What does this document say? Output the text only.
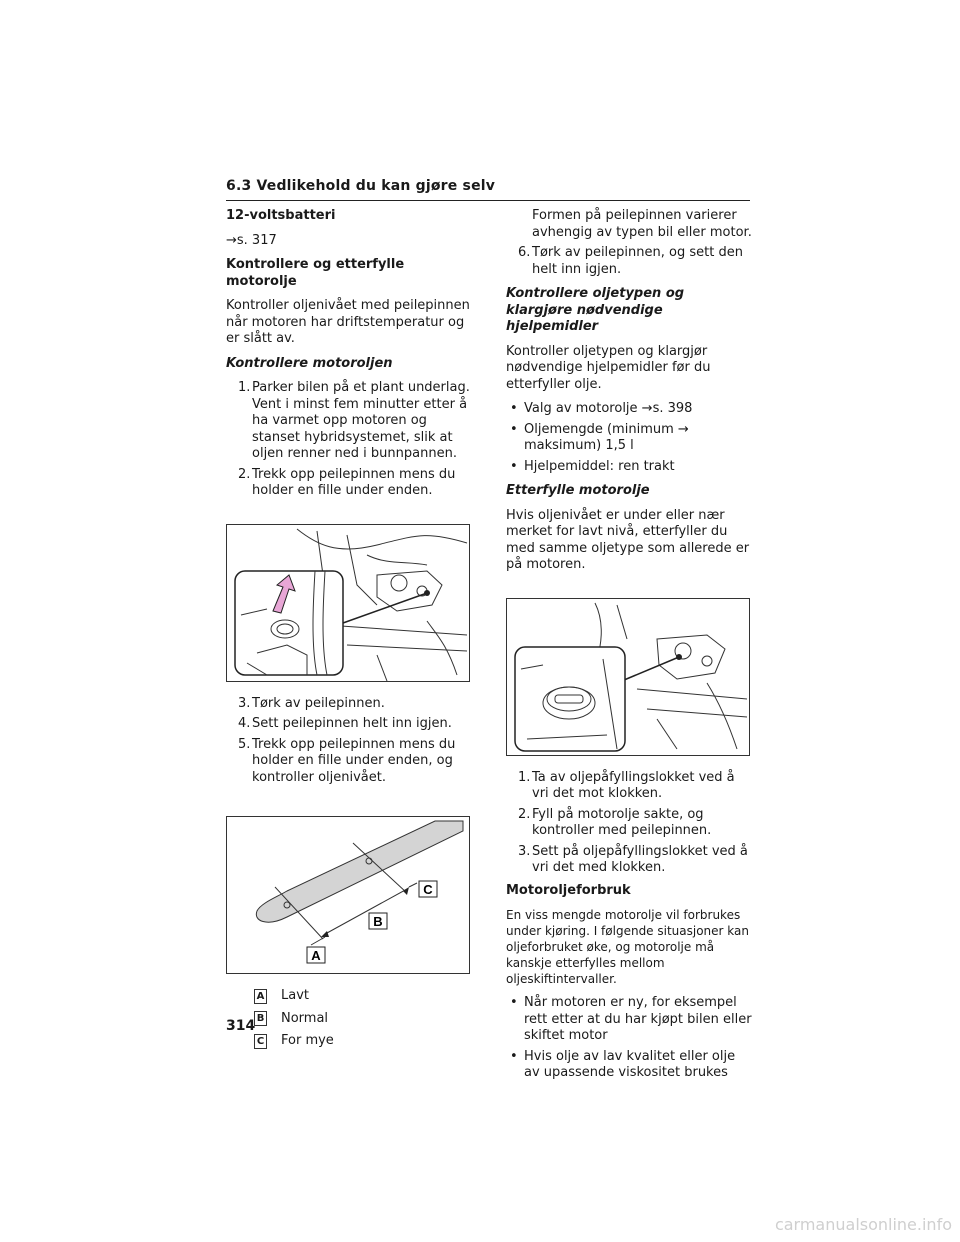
6.3 Vedlikehold du kan gjøre selv
12-voltsbatteri
→s. 317
Kontrollere og etterfylle motorolje

Kontroller oljenivået med peilepinnen når motoren har driftstemperatur og er slått av.

Kontrollere motoroljen
1. Parker bilen på et plant underlag. Vent i minst fem minutter etter å ha varmet opp motoren og stanset hybridsystemet, slik at oljen renner ned i bunnpannen.
2. Trekk opp peilepinnen mens du holder en fille under enden.
3. Tørk av peilepinnen.
4. Sett peilepinnen helt inn igjen.
5. Trekk opp peilepinnen mens du holder en fille under enden, og kontroller oljenivået.
A
B
C
A Lavt
B Normal
C For mye
Formen på peilepinnen varierer avhengig av typen bil eller motor.
6. Tørk av peilepinnen, og sett den helt inn igjen.
Kontrollere oljetypen og klargjøre nødvendige hjelpemidler

Kontroller oljetypen og klargjør nødvendige hjelpemidler før du etterfyller olje.

• Valg av motorolje →s. 398
• Oljemengde (minimum → maksimum) 1,5 l
• Hjelpemiddel: ren trakt
Etterfylle motorolje

Hvis oljenivået er under eller nær merket for lavt nivå, etterfyller du med samme oljetype som allerede er på motoren.

1. Ta av oljepåfyllingslokket ved å vri det mot klokken.
2. Fyll på motorolje sakte, og kontroller med peilepinnen.
3. Sett på oljepåfyllingslokket ved å vri det med klokken.
Motoroljeforbruk

En viss mengde motorolje vil forbrukes under kjøring. I følgende situasjoner kan oljeforbruket øke, og motorolje må kanskje etterfylles mellom oljeskiftintervaller.

• Når motoren er ny, for eksempel rett etter at du har kjøpt bilen eller skiftet motor
• Hvis olje av lav kvalitet eller olje av upassende viskositet brukes
314
carmanualsonline.info
